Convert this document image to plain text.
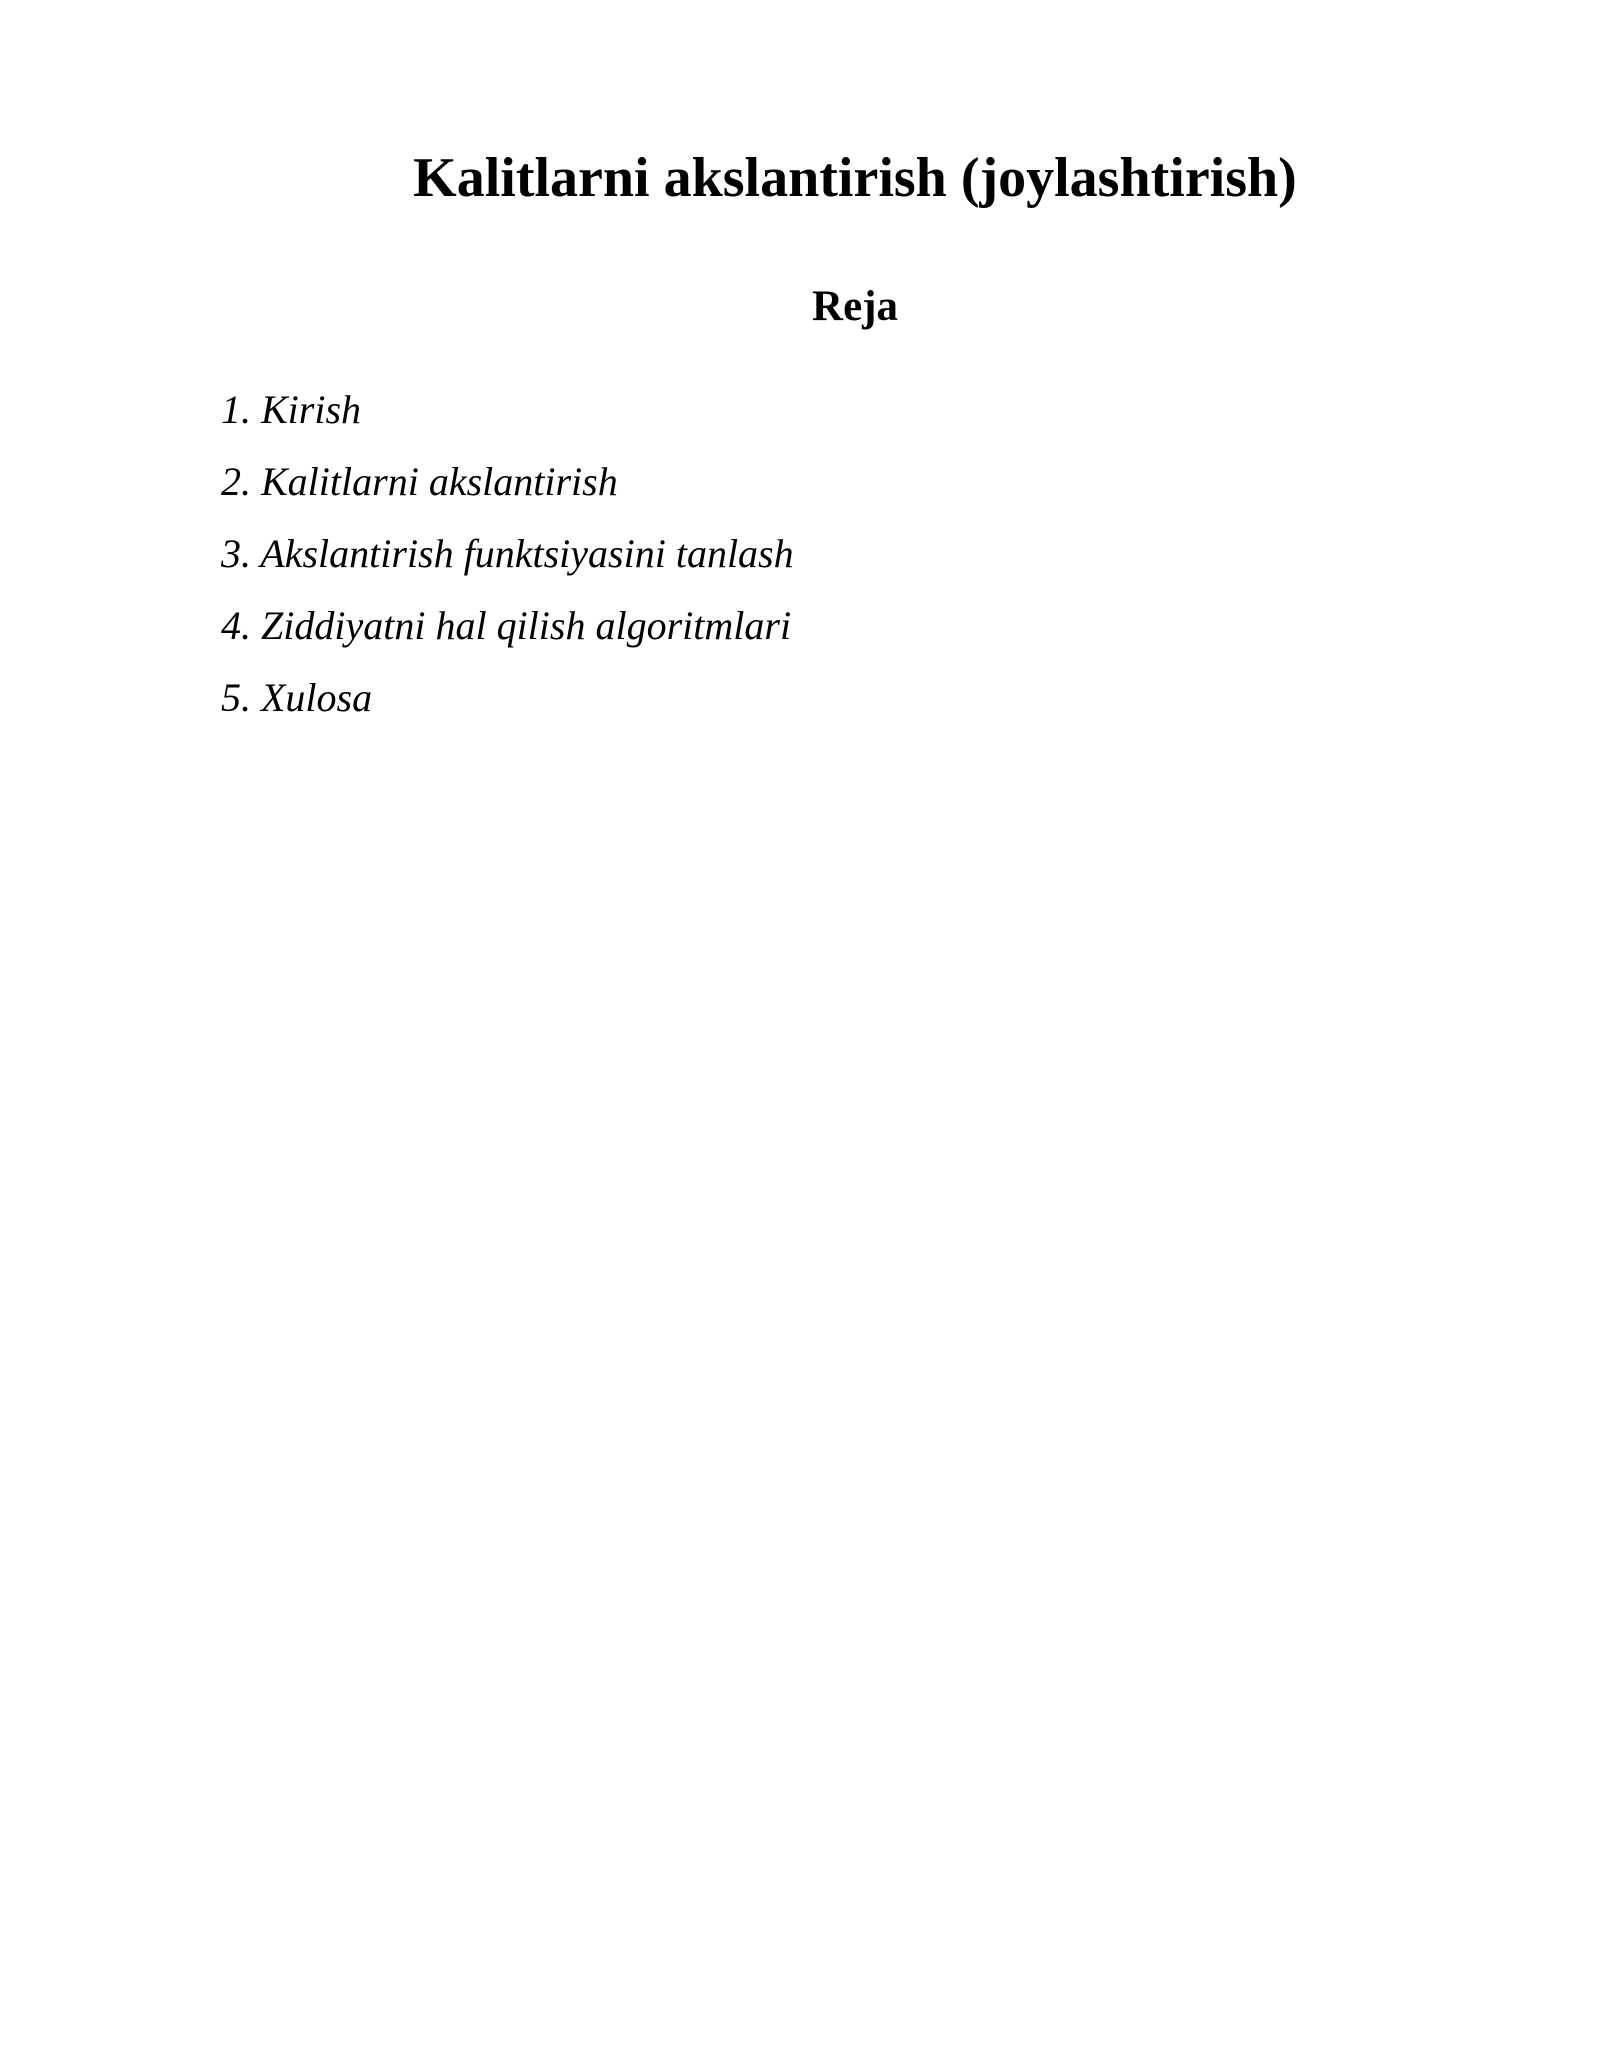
Kalitlarni akslantirish (joylashtirish)
Reja
1. Kirish
2. Kalitlarni akslantirish
3. Akslantirish funktsiyasini tanlash
4. Ziddiyatni hal qilish algoritmlari
5. Xulosa
